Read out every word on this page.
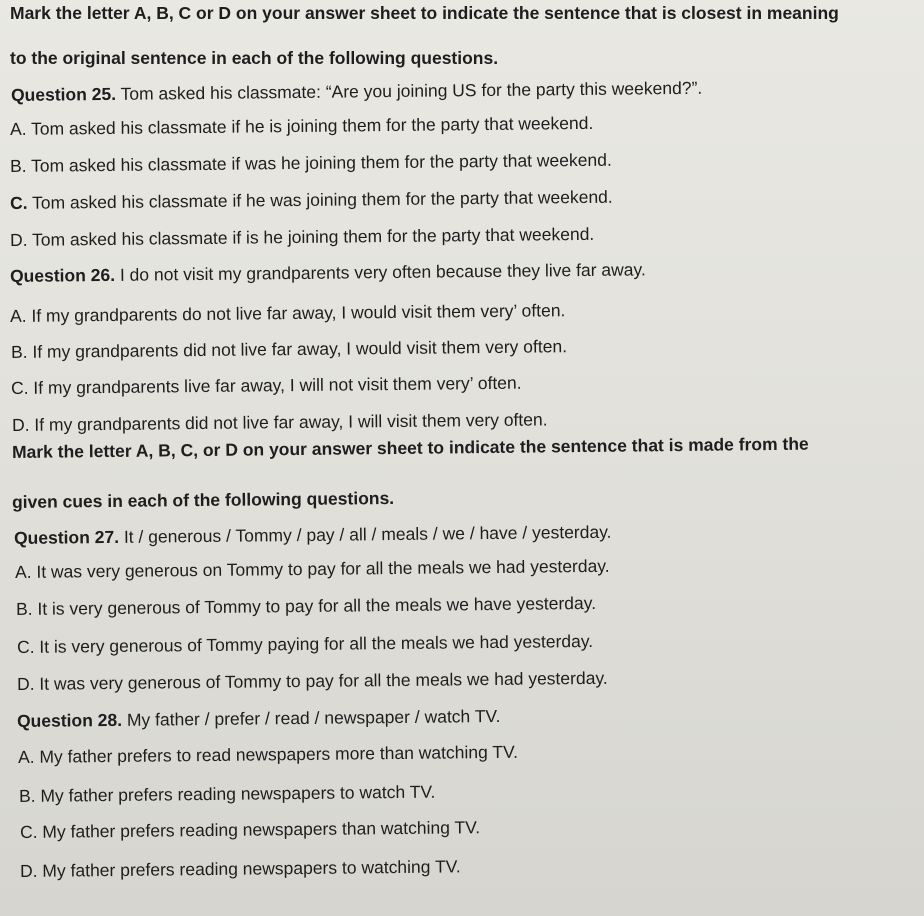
Mark the letter A, B, C or D on your answer sheet to indicate the sentence that is closest in meaning
to the original sentence in each of the following questions.
Question 25. Tom asked his classmate: “Are you joining US for the party this weekend?”.
A. Tom asked his classmate if he is joining them for the party that weekend.
B. Tom asked his classmate if was he joining them for the party that weekend.
C. Tom asked his classmate if he was joining them for the party that weekend.
D. Tom asked his classmate if is he joining them for the party that weekend.
Question 26. I do not visit my grandparents very often because they live far away.
A. If my grandparents do not live far away, I would visit them very’ often.
B. If my grandparents did not live far away, I would visit them very often.
C. If my grandparents live far away, I will not visit them very’ often.
D. If my grandparents did not live far away, I will visit them very often.
Mark the letter A, B, C, or D on your answer sheet to indicate the sentence that is made from the
given cues in each of the following questions.
Question 27. It / generous / Tommy / pay / all / meals / we / have / yesterday.
A. It was very generous on Tommy to pay for all the meals we had yesterday.
B. It is very generous of Tommy to pay for all the meals we have yesterday.
C. It is very generous of Tommy paying for all the meals we had yesterday.
D. It was very generous of Tommy to pay for all the meals we had yesterday.
Question 28. My father / prefer / read / newspaper / watch TV.
A. My father prefers to read newspapers more than watching TV.
B. My father prefers reading newspapers to watch TV.
C. My father prefers reading newspapers than watching TV.
D. My father prefers reading newspapers to watching TV.
